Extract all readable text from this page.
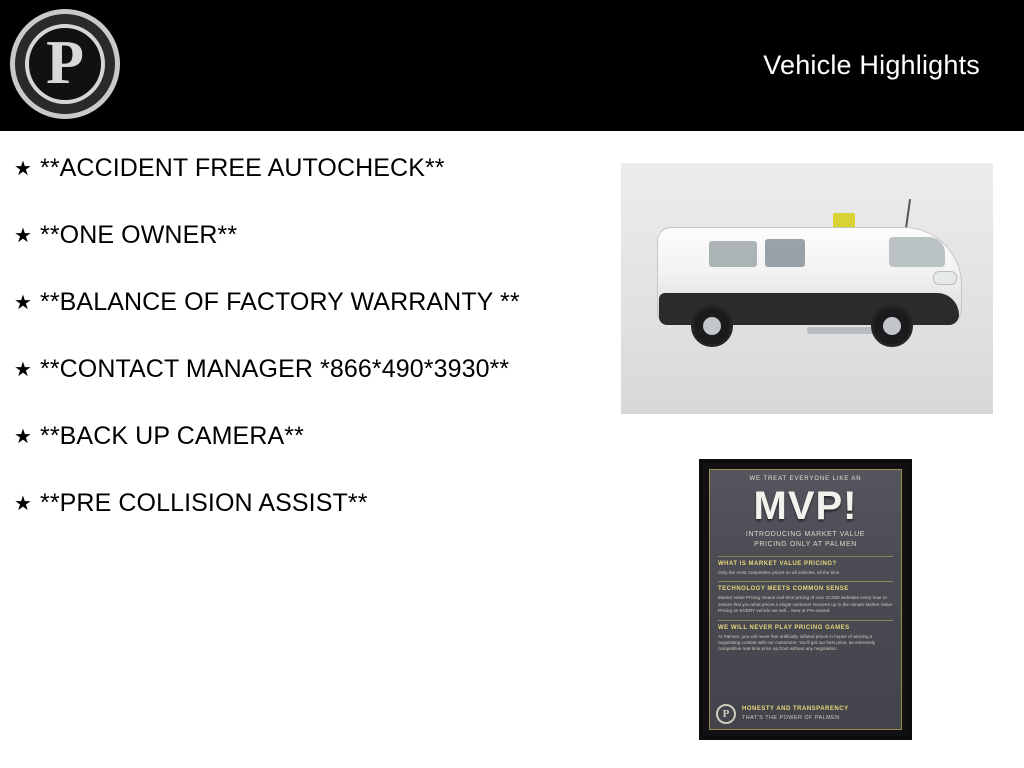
P	Vehicle Highlights
★ **ACCIDENT FREE AUTOCHECK**
★ **ONE OWNER**
★ **BALANCE OF FACTORY WARRANTY **
★ **CONTACT MANAGER *866*490*3930**
★ **BACK UP CAMERA**
★ **PRE COLLISION ASSIST**
WE TREAT EVERYONE LIKE AN
MVP!
INTRODUCING MARKET VALUE
PRICING ONLY AT PALMEN
WHAT IS MARKET VALUE PRICING?
Only the most competitive prices on all vehicles, all the time.
TECHNOLOGY MEETS COMMON SENSE
Market Value Pricing means real-time pricing of over 10,000 websites every hour to ensure that you what prices a single customer receives up to the minute Market Value Pricing on EVERY vehicle we sell... New or Pre-owned.
WE WILL NEVER PLAY PRICING GAMES
At Palmen, you will never feel artificially inflated prices in hopes of winning a negotiating contest with our customers. You'll get our best price, an extremely competitive real-time price up front without any negotiation.
P	HONESTY AND TRANSPARENCY
THAT'S THE POWER OF PALMEN
